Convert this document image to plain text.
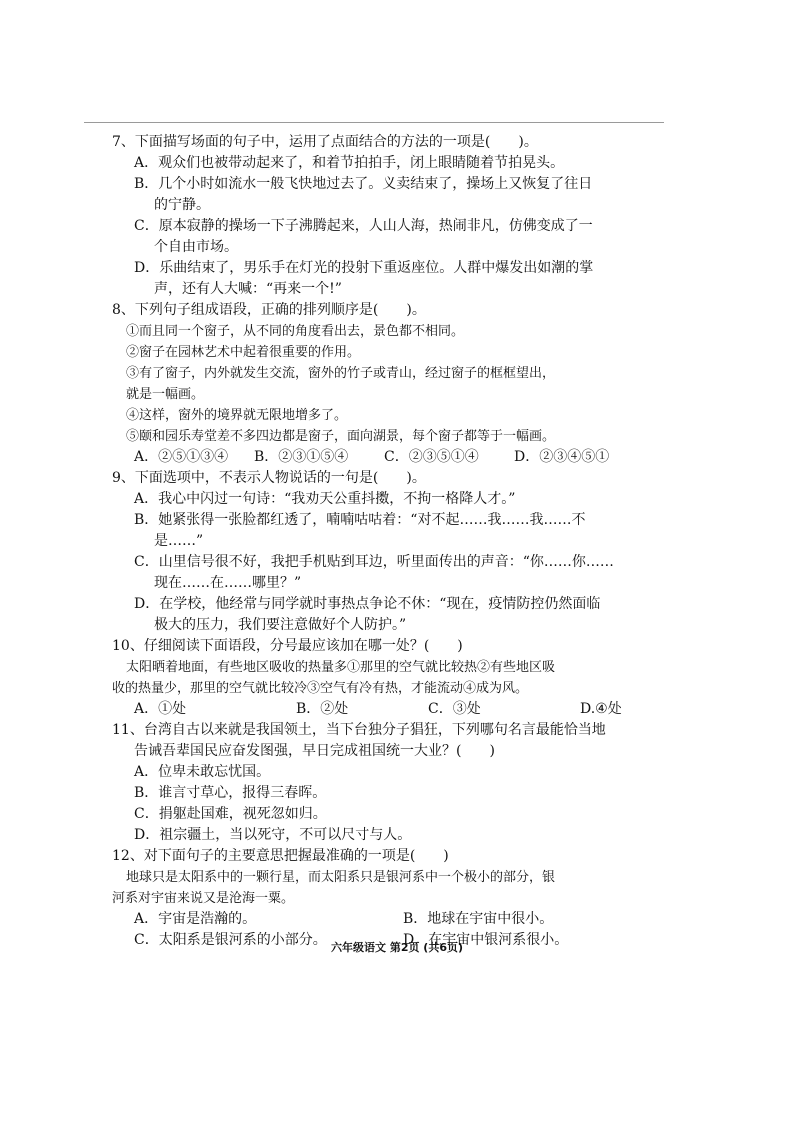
7、下面描写场面的句子中，运用了点面结合的方法的一项是(　　)。
A．观众们也被带动起来了，和着节拍拍手，闭上眼睛随着节拍晃头。
B．几个小时如流水一般飞快地过去了。义卖结束了，操场上又恢复了往日
的宁静。
C．原本寂静的操场一下子沸腾起来，人山人海，热闹非凡，仿佛变成了一
个自由市场。
D．乐曲结束了，男乐手在灯光的投射下重返座位。人群中爆发出如潮的掌
声，还有人大喊：“再来一个!”
8、下列句子组成语段，正确的排列顺序是(　　)。
①而且同一个窗子，从不同的角度看出去，景色都不相同。
②窗子在园林艺术中起着很重要的作用。
③有了窗子，内外就发生交流，窗外的竹子或青山，经过窗子的框框望出，
就是一幅画。
④这样，窗外的境界就无限地增多了。
⑤颐和园乐寿堂差不多四边都是窗子，面向湖景，每个窗子都等于一幅画。
A．②⑤①③④	B．②③①⑤④	C．②③⑤①④	D．②③④⑤①
9、下面选项中，不表示人物说话的一句是(　　)。
A．我心中闪过一句诗：“我劝天公重抖擞，不拘一格降人才。”
B．她紧张得一张脸都红透了，喃喃咕咕着：“对不起……我……我……不
是……”
C．山里信号很不好，我把手机贴到耳边，听里面传出的声音：“你……你……
现在……在……哪里？”
D．在学校，他经常与同学就时事热点争论不休：“现在，疫情防控仍然面临
极大的压力，我们要注意做好个人防护。”
10、仔细阅读下面语段，分号最应该加在哪一处？(　　)
太阳晒着地面，有些地区吸收的热量多①那里的空气就比较热②有些地区吸
收的热量少，那里的空气就比较冷③空气有冷有热，才能流动④成为风。
A．①处	B．②处	C．③处	D.④处
11、台湾自古以来就是我国领土，当下台独分子猖狂，下列哪句名言最能恰当地
告诫吾辈国民应奋发图强，早日完成祖国统一大业？(　　)
A．位卑未敢忘忧国。
B．谁言寸草心，报得三春晖。
C．捐躯赴国难，视死忽如归。
D．祖宗疆土，当以死守，不可以尺寸与人。
12、对下面句子的主要意思把握最准确的一项是(　　)
地球只是太阳系中的一颗行星，而太阳系只是银河系中一个极小的部分，银
河系对宇宙来说又是沧海一粟。
A．宇宙是浩瀚的。	B．地球在宇宙中很小。
C．太阳系是银河系的小部分。	D．在宇宙中银河系很小。
六年级语文 第2页 (共6页)
